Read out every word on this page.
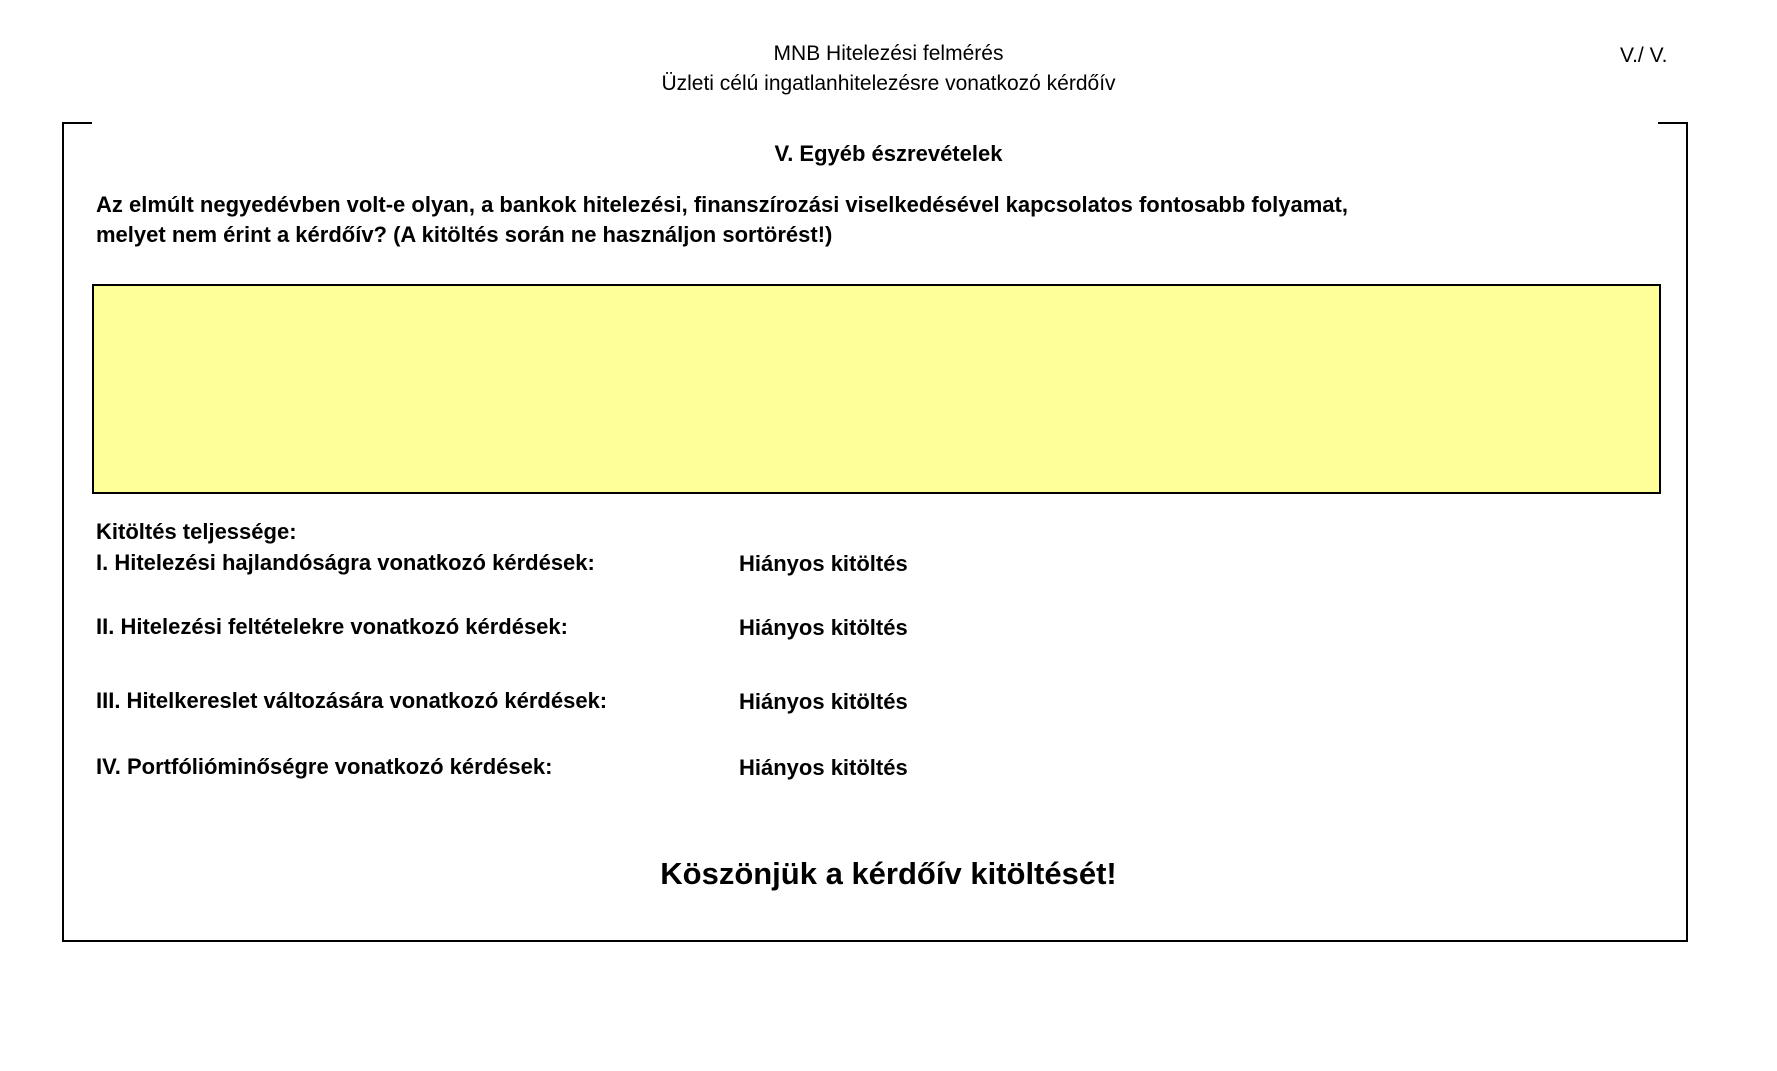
MNB Hitelezési felmérés
Üzleti célú ingatlanhitelezésre vonatkozó kérdőív
V./ V.
V. Egyéb észrevételek
Az elmúlt negyedévben volt-e olyan, a bankok hitelezési, finanszírozási viselkedésével kapcsolatos fontosabb folyamat,
melyet nem érint a kérdőív? (A kitöltés során ne használjon sortörést!)
Kitöltés teljessége:
I. Hitelezési hajlandóságra vonatkozó kérdések:	Hiányos kitöltés
II. Hitelezési feltételekre vonatkozó kérdések:	Hiányos kitöltés
III. Hitelkereslet változására vonatkozó kérdések:	Hiányos kitöltés
IV. Portfólióminőségre vonatkozó kérdések:	Hiányos kitöltés
Köszönjük a kérdőív kitöltését!
